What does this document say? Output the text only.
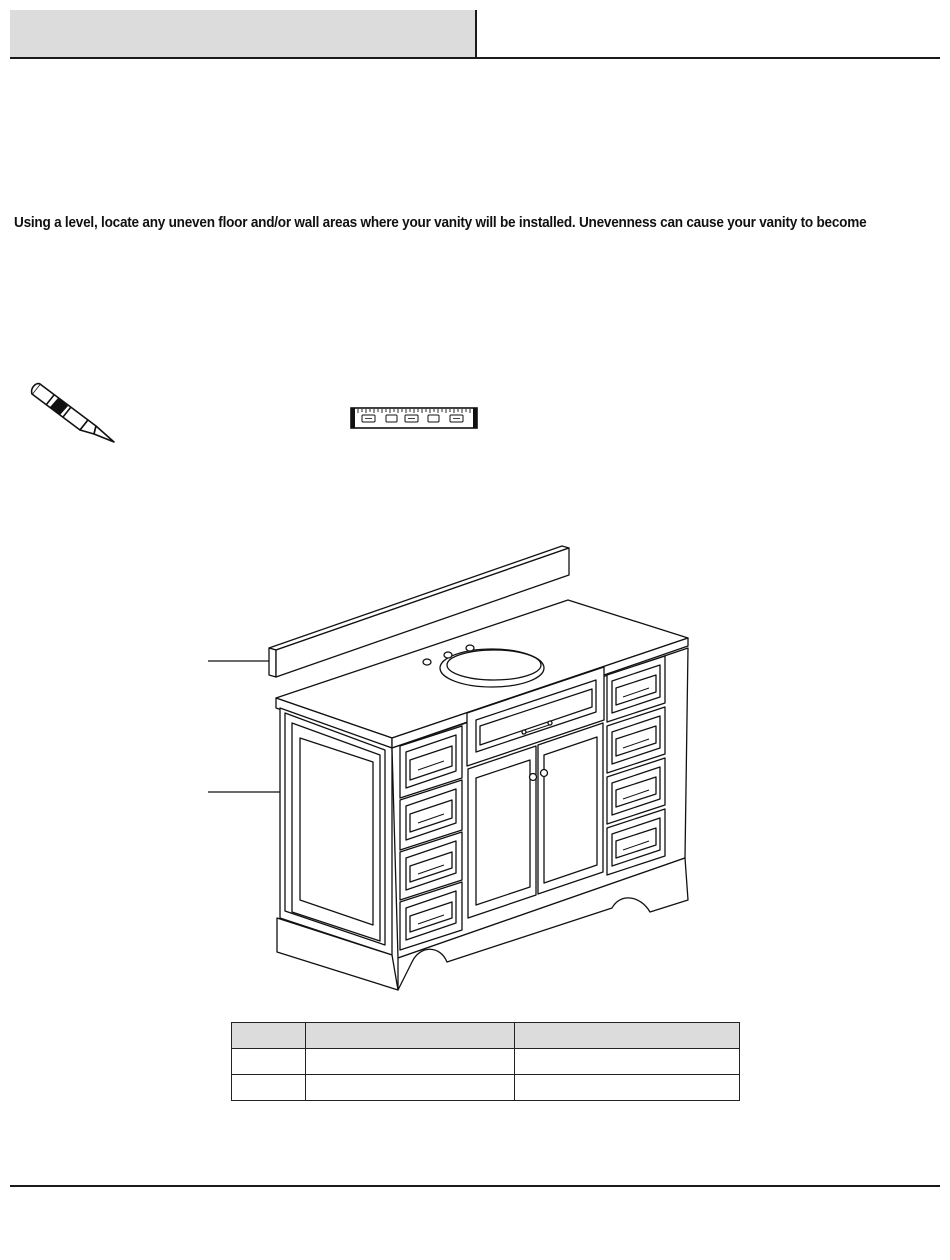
Using a level, locate any uneven floor and/or wall areas where your vanity will be installed. Unevenness can cause your vanity to become
